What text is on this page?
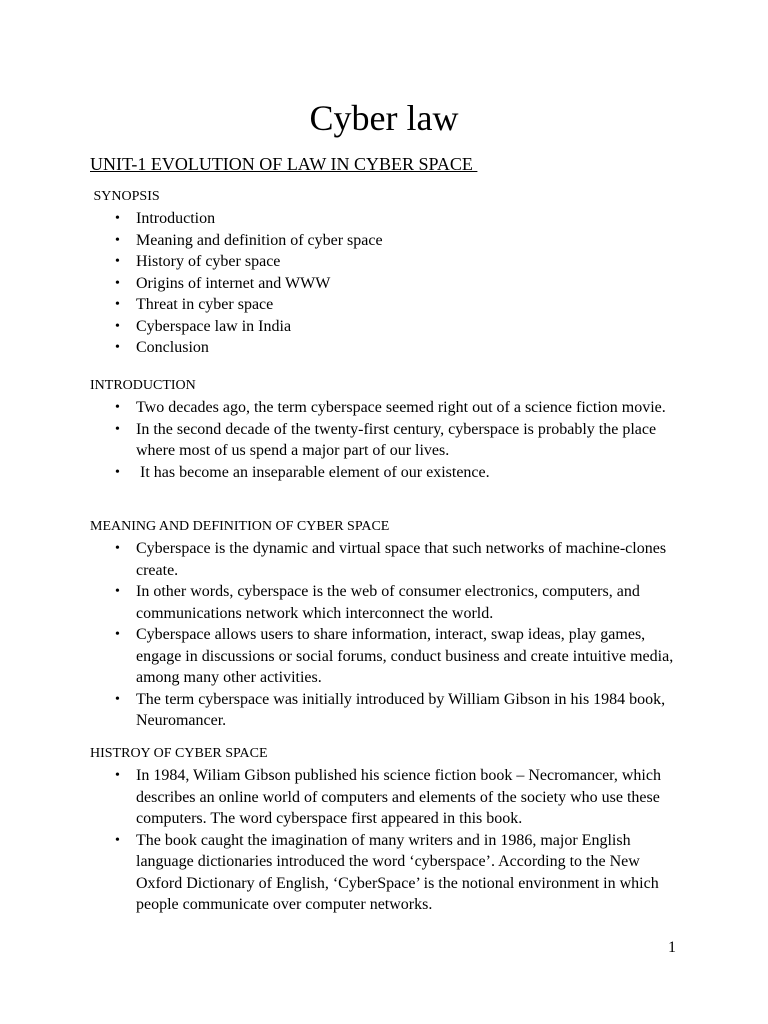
Cyber law
UNIT-1 EVOLUTION OF LAW IN CYBER SPACE
SYNOPSIS
• Introduction
• Meaning and definition of cyber space
• History of cyber space
• Origins of internet and WWW
• Threat in cyber space
• Cyberspace law in India
• Conclusion
INTRODUCTION
• Two decades ago, the term cyberspace seemed right out of a science fiction movie.
• In the second decade of the twenty-first century, cyberspace is probably the place where most of us spend a major part of our lives.
• It has become an inseparable element of our existence.
MEANING AND DEFINITION OF CYBER SPACE
• Cyberspace is the dynamic and virtual space that such networks of machine-clones create.
• In other words, cyberspace is the web of consumer electronics, computers, and communications network which interconnect the world.
• Cyberspace allows users to share information, interact, swap ideas, play games, engage in discussions or social forums, conduct business and create intuitive media, among many other activities.
• The term cyberspace was initially introduced by William Gibson in his 1984 book, Neuromancer.
HISTROY OF CYBER SPACE
• In 1984, Wiliam Gibson published his science fiction book – Necromancer, which describes an online world of computers and elements of the society who use these computers. The word cyberspace first appeared in this book.
• The book caught the imagination of many writers and in 1986, major English language dictionaries introduced the word ‘cyberspace’. According to the New Oxford Dictionary of English, ‘CyberSpace’ is the notional environment in which people communicate over computer networks.
1
